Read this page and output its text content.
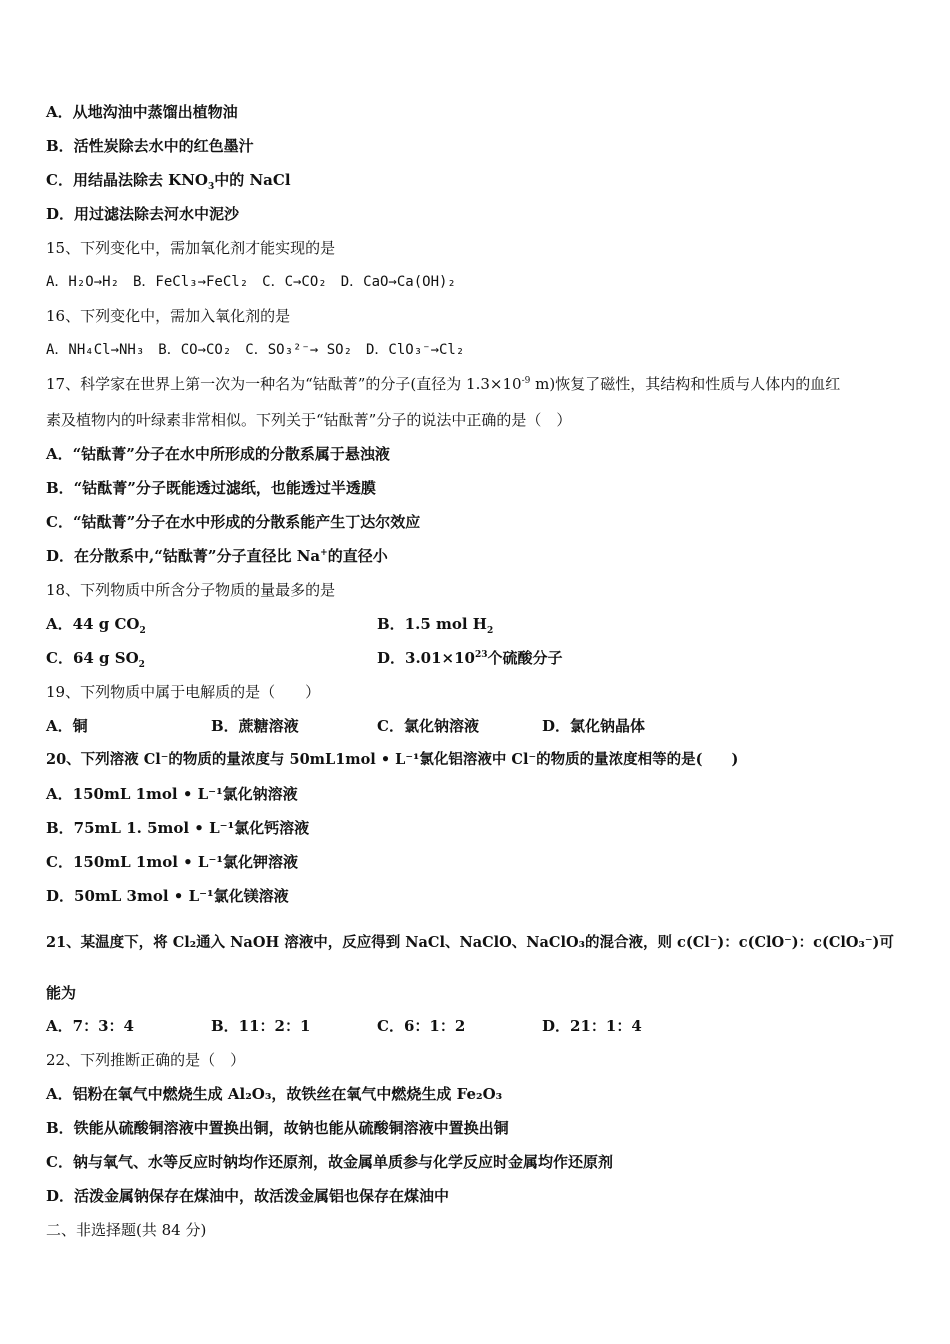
A．从地沟油中蒸馏出植物油
B．活性炭除去水中的红色墨汁
C．用结晶法除去 $KNO_3$中的 NaCl
D．用过滤法除去河水中泥沙
15、下列变化中，需加氧化剂才能实现的是
A．H₂O→H₂　B．FeCl₃→FeCl₂　C．C→CO₂　D．CaO→Ca(OH)₂
16、下列变化中，需加入氧化剂的是
A．NH₄Cl→NH₃　B．CO→CO₂　C．SO₃²⁻→ SO₂　D．ClO₃⁻→Cl₂
17、科学家在世界上第一次为一种名为“钴酞菁”的分子(直径为 $1.3\times 10^{-9}$ m)恢复了磁性，其结构和性质与人体内的血红
素及植物内的叶绿素非常相似。下列关于“钴酞菁”分子的说法中正确的是（　）
A．“钴酞菁”分子在水中所形成的分散系属于悬浊液
B．“钴酞菁”分子既能透过滤纸，也能透过半透膜
C．“钴酞菁”分子在水中形成的分散系能产生丁达尔效应
D．在分散系中,“钴酞菁”分子直径比 Na+的直径小
18、下列物质中所含分子物质的量最多的是
A．44 g $CO_2$	B．1.5 mol $H_2$
C．64 g $SO_2$	D．$3.01\times 10^{23}$个硫酸分子
19、下列物质中属于电解质的是（　　）
A．铜	B．蔗糖溶液	C．氯化钠溶液	D．氯化钠晶体
20、下列溶液 Cl⁻的物质的量浓度与 50mL1mol • L⁻¹氯化铝溶液中 Cl⁻的物质的量浓度相等的是(　　)
A．150mL 1mol • L⁻¹氯化钠溶液
B．75mL 1. 5mol • L⁻¹氯化钙溶液
C．150mL 1mol • L⁻¹氯化钾溶液
D．50mL 3mol • L⁻¹氯化镁溶液
21、某温度下，将 Cl₂通入 NaOH 溶液中，反应得到 NaCl、NaClO、NaClO₃的混合液，则 c(Cl⁻)：c(ClO⁻)：c(ClO₃⁻)可
能为
A．7：3：4	B．11：2：1	C．6：1：2	D．21：1：4
22、下列推断正确的是（　）
A．铝粉在氧气中燃烧生成 Al₂O₃，故铁丝在氧气中燃烧生成 Fe₂O₃
B．铁能从硫酸铜溶液中置换出铜，故钠也能从硫酸铜溶液中置换出铜
C．钠与氧气、水等反应时钠均作还原剂，故金属单质参与化学反应时金属均作还原剂
D．活泼金属钠保存在煤油中，故活泼金属铝也保存在煤油中
二、非选择题(共 84 分)
